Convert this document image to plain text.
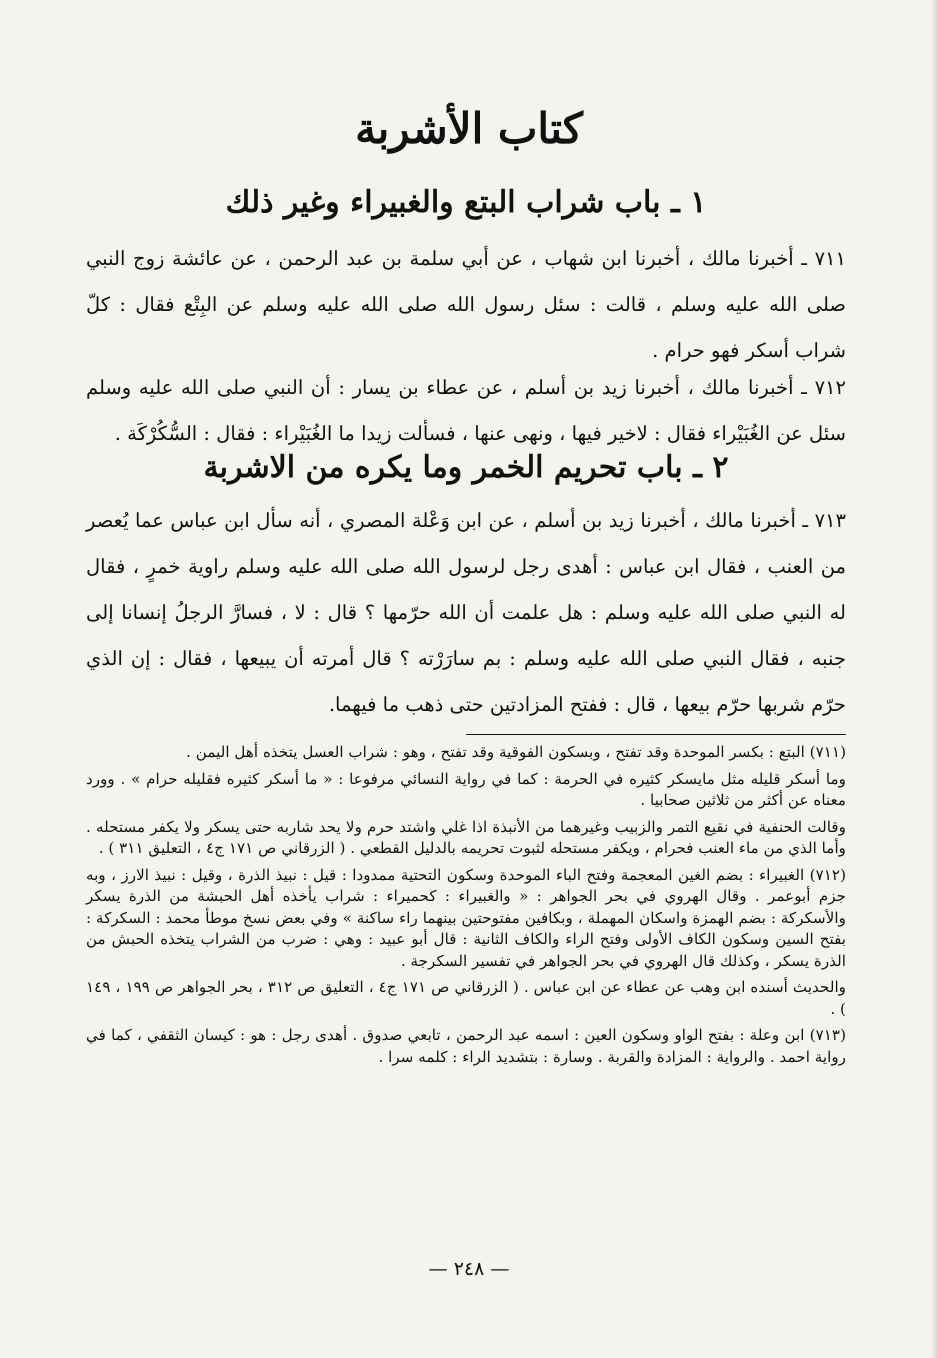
كتاب الأشربة
١ ـ باب شراب البتع والغبيراء وغير ذلك

٧١١ ـ أخبرنا مالك ، أخبرنا ابن شهاب ، عن أبي سلمة بن عبد الرحمن ، عن عائشة زوج النبي صلى الله عليه وسلم ، قالت : سئل رسول الله صلى الله عليه وسلم عن البِتْع فقال : كلّ شراب أسكر فهو حرام .

٧١٢ ـ أخبرنا مالك ، أخبرنا زيد بن أسلم ، عن عطاء بن يسار : أن النبي صلى الله عليه وسلم سئل عن الغُبَيْراء فقال : لاخير فيها ، ونهى عنها ، فسألت زيدا ما الغُبَيْراء : فقال : السُّكُرْكَة .

٢ ـ باب تحريم الخمر وما يكره من الاشربة

٧١٣ ـ أخبرنا مالك ، أخبرنا زيد بن أسلم ، عن ابن وَعْلة المصري ، أنه سأل ابن عباس عما يُعصر من العنب ، فقال ابن عباس : أهدى رجل لرسول الله صلى الله عليه وسلم راوية خمرٍ ، فقال له النبي صلى الله عليه وسلم : هل علمت أن الله حرّمها ؟ قال : لا ، فسارَّ الرجلُ إنسانا إلى جنبه ، فقال النبي صلى الله عليه وسلم : بم سارَرْته ؟ قال أمرته أن يبيعها ، فقال : إن الذي حرّم شربها حرّم بيعها ، قال : ففتح المزادتين حتى ذهب ما فيهما.

(٧١١) البتع : بكسر الموحدة وقد تفتح ، وبسكون الفوقية وقد تفتح ، وهو : شراب العسل يتخذه أهل اليمن .

وما أسكر قليله مثل مايسكر كثيره في الحرمة : كما في رواية النسائي مرفوعا : « ما أسكر كثيره فقليله حرام » . وورد معناه عن أكثر من ثلاثين صحابيا .

وقالت الحنفية في نقيع التمر والزبيب وغيرهما من الأنبذة اذا غلي واشتد حرم ولا يحد شاربه حتى يسكر ولا يكفر مستحله . وأما الذي من ماء العنب فحرام ، ويكفر مستحله لثبوت تحريمه بالدليل القطعي . ( الزرقاني ص ١٧١ ج٤ ، التعليق ٣١١ ) .

(٧١٢) الغبيراء : بضم الغين المعجمة وفتح الباء الموحدة وسكون التحتية ممدودا : قيل : نبيذ الذرة ، وقيل : نبيذ الارز ، وبه جزم أبوعمر . وقال الهروي في بحر الجواهر : « والغبيراء : كحميراء : شراب يأخذه أهل الحبشة من الذرة يسكر والأسكركة : بضم الهمزة واسكان المهملة ، وبكافين مفتوحتين بينهما راء ساكنة » وفي بعض نسخ موطأ محمد : السكركة : بفتح السين وسكون الكاف الأولى وفتح الراء والكاف الثانية : قال أبو عبيد : وهي : ضرب من الشراب يتخذه الحبش من الذرة يسكر ، وكذلك قال الهروي في بحر الجواهر في تفسير السكرجة .

والحديث أسنده ابن وهب عن عطاء عن ابن عباس . ( الزرقاني ص ١٧١ ج٤ ، التعليق ص ٣١٢ ، بحر الجواهر ص ١٩٩ ، ١٤٩ ) .

(٧١٣) ابن وعلة : بفتح الواو وسكون العين : اسمه عبد الرحمن ، تابعي صدوق . أهدى رجل : هو : كيسان الثقفي ، كما في رواية احمد . والرواية : المزادة والقربة . وسارة : بتشديد الراء : كلمه سرا .

— ٢٤٨ —
